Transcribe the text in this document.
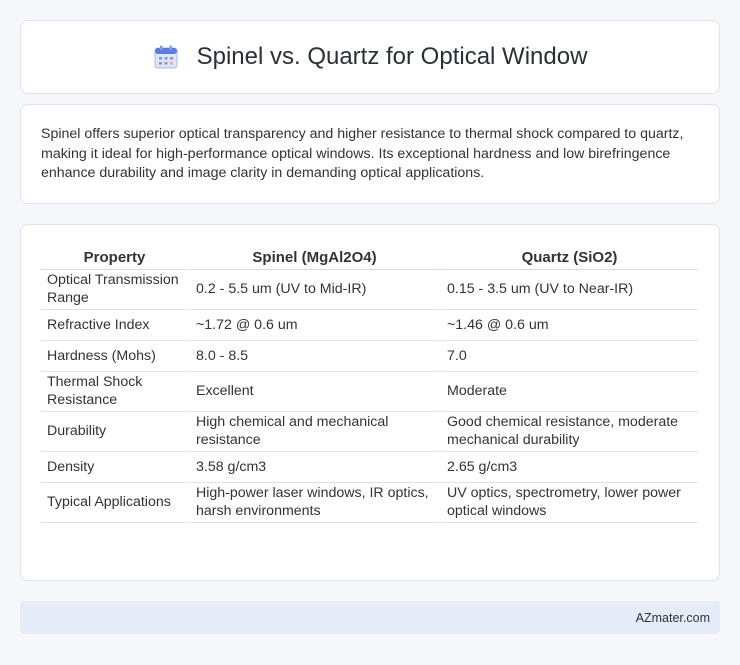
Spinel vs. Quartz for Optical Window

Spinel offers superior optical transparency and higher resistance to thermal shock compared to quartz, making it ideal for high-performance optical windows. Its exceptional hardness and low birefringence enhance durability and image clarity in demanding optical applications.

Property	Spinel (MgAl2O4)	Quartz (SiO2)
Optical Transmission Range	0.2 - 5.5 um (UV to Mid-IR)	0.15 - 3.5 um (UV to Near-IR)
Refractive Index	~1.72 @ 0.6 um	~1.46 @ 0.6 um
Hardness (Mohs)	8.0 - 8.5	7.0
Thermal Shock Resistance	Excellent	Moderate
Durability	High chemical and mechanical resistance	Good chemical resistance, moderate mechanical durability
Density	3.58 g/cm3	2.65 g/cm3
Typical Applications	High-power laser windows, IR optics, harsh environments	UV optics, spectrometry, lower power optical windows
AZmater.com
